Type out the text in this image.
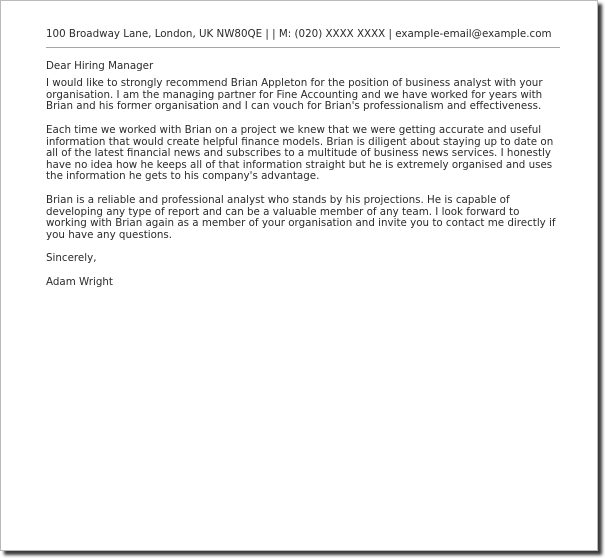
100 Broadway Lane, London, UK NW80QE | | M: (020) XXXX XXXX | example-email@example.com
Dear Hiring Manager
I would like to strongly recommend Brian Appleton for the position of business analyst with your organisation. I am the managing partner for Fine Accounting and we have worked for years with Brian and his former organisation and I can vouch for Brian's professionalism and effectiveness.
Each time we worked with Brian on a project we knew that we were getting accurate and useful information that would create helpful finance models. Brian is diligent about staying up to date on all of the latest financial news and subscribes to a multitude of business news services. I honestly have no idea how he keeps all of that information straight but he is extremely organised and uses the information he gets to his company's advantage.
Brian is a reliable and professional analyst who stands by his projections. He is capable of developing any type of report and can be a valuable member of any team. I look forward to working with Brian again as a member of your organisation and invite you to contact me directly if you have any questions.
Sincerely,
Adam Wright
